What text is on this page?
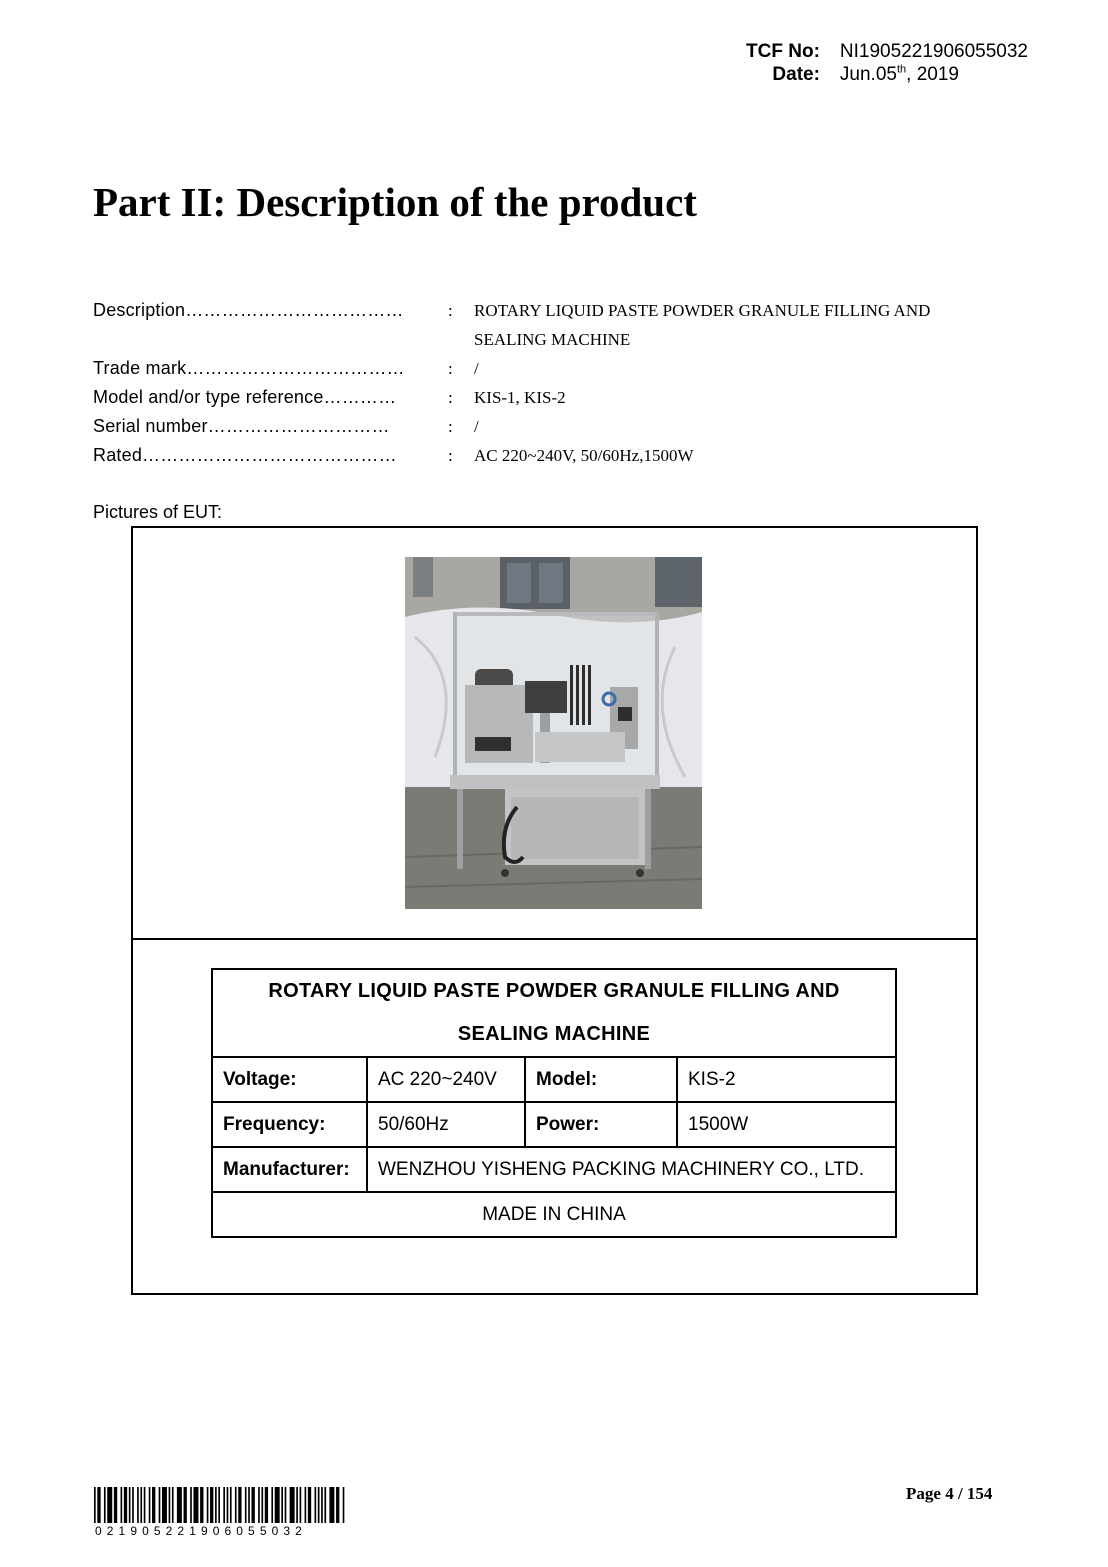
TCF No: NI1905221906055032
Date: Jun.05th, 2019
Part II: Description of the product
Description………………………………	:	ROTARY LIQUID PASTE POWDER GRANULE FILLING AND
SEALING MACHINE
Trade mark………………………………	:	/
Model and/or type reference…………	:	KIS-1, KIS-2
Serial number…………………………	:	/
Rated……………………………………	:	AC 220~240V, 50/60Hz,1500W
Pictures of EUT:
ROTARY LIQUID PASTE POWDER GRANULE FILLING AND
SEALING MACHINE			
Voltage:	AC 220~240V	Model:	KIS-2
Frequency:	50/60Hz	Power:	1500W
Manufacturer:	WENZHOU YISHENG PACKING MACHINERY CO., LTD.		
MADE IN CHINA			
021905221906055032
Page 4 / 154
